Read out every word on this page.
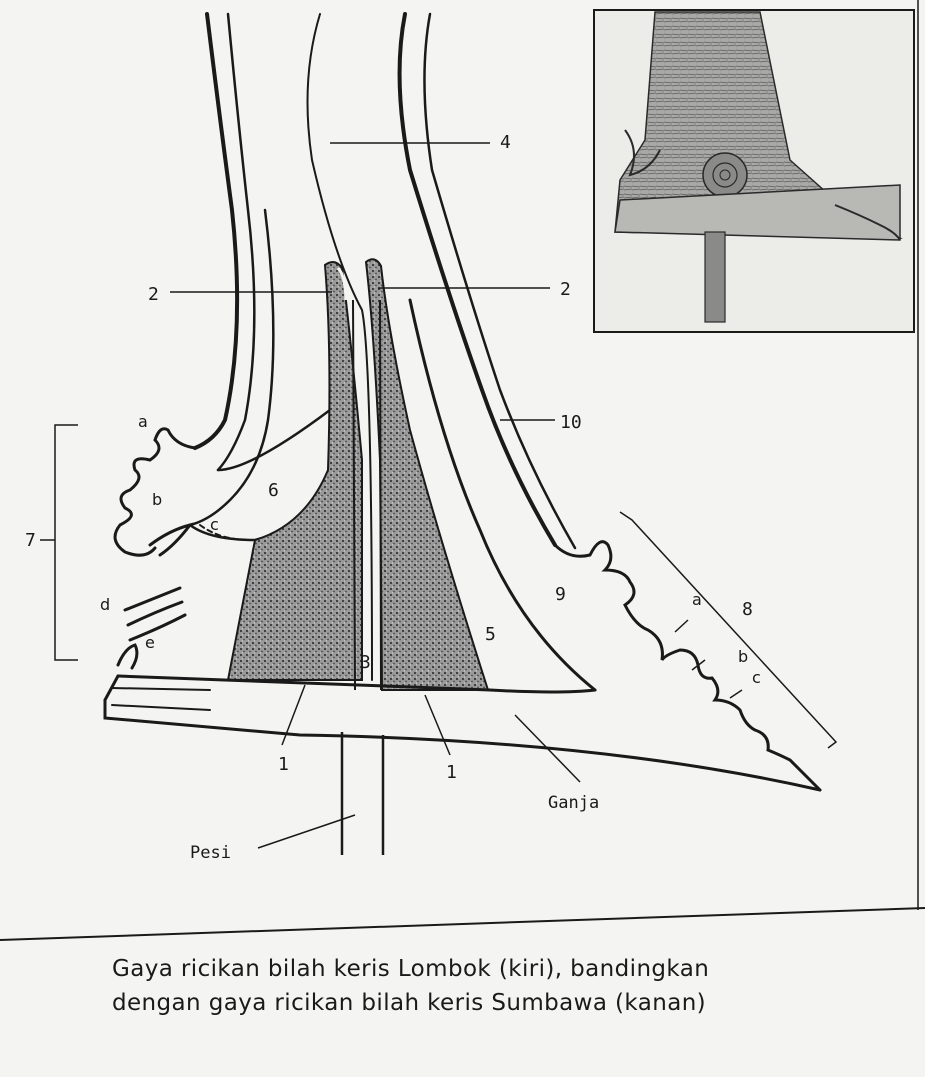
2	2
4
10
6
7
9
5
3
8
1	1
a
b
c
d
e
a
b
c
Ganja
Pesi
Gaya ricikan bilah keris Lombok (kiri), bandingkan
dengan gaya ricikan bilah keris Sumbawa (kanan)
